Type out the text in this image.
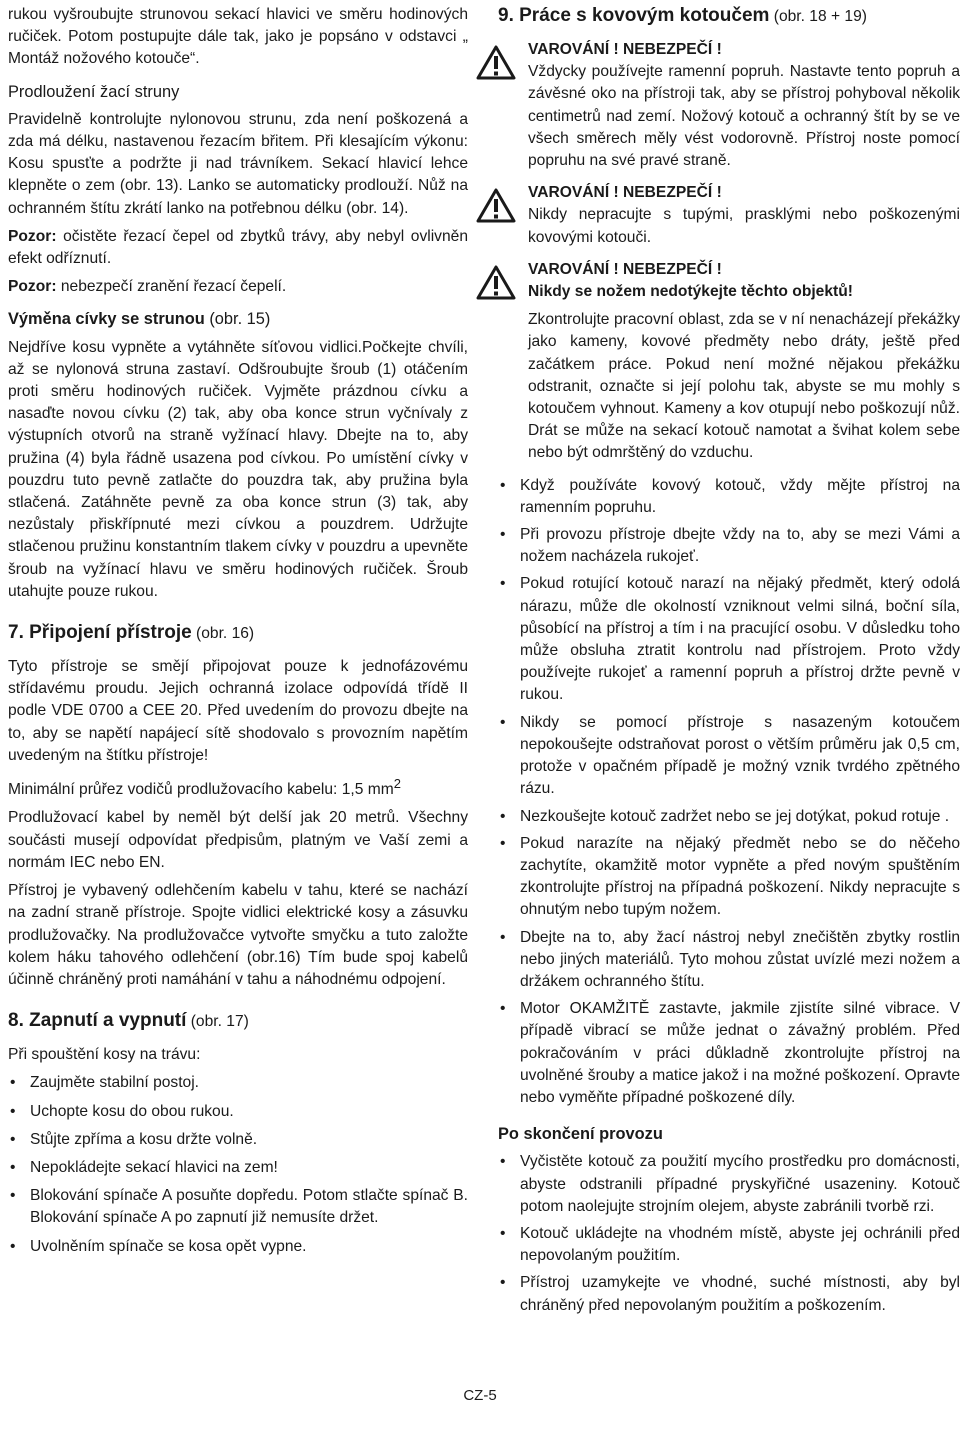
rukou vyšroubujte strunovou sekací hlavici ve směru hodinových ručiček. Potom postupujte dále tak, jako je popsáno v odstavci „ Montáž nožového kotouče“.

Prodloužení žací struny

Pravidelně kontrolujte nylonovou strunu, zda není poškozená a zda má délku, nastavenou řezacím břitem. Při klesajícím výkonu: Kosu spusťte a podržte ji nad trávníkem. Sekací hlavicí lehce klepněte o zem (obr. 13). Lanko se automaticky prodlouží. Nůž na ochranném štítu zkrátí lanko na potřebnou délku (obr. 14).

Pozor: očistěte řezací čepel od zbytků trávy, aby nebyl ovlivněn efekt odříznutí.

Pozor: nebezpečí zranění řezací čepelí.

Výměna cívky se strunou (obr. 15)

Nejdříve kosu vypněte a vytáhněte síťovou vidlici.Počkejte chvíli, až se nylonová struna zastaví. Odšroubujte šroub (1) otáčením proti směru hodinových ručiček. Vyjměte prázdnou cívku a nasaďte novou cívku (2) tak, aby oba konce strun vyčnívaly z výstupních otvorů na straně vyžínací hlavy. Dbejte na to, aby pružina (4) byla řádně usazena pod cívkou. Po umístění cívky v pouzdru tuto pevně zatlačte do pouzdra tak, aby pružina byla stlačená. Zatáhněte pevně za oba konce strun (3) tak, aby nezůstaly přiskřípnuté mezi cívkou a pouzdrem. Udržujte stlačenou pružinu konstantním tlakem cívky v pouzdru a upevněte šroub na vyžínací hlavu ve směru hodinových ručiček. Šroub utahujte pouze rukou.

7. Připojení přístroje (obr. 16)

Tyto přístroje se smějí připojovat pouze k jednofázovému střídavému proudu. Jejich ochranná izolace odpovídá třídě II podle VDE 0700 a CEE 20. Před uvedením do provozu dbejte na to, aby se napětí napájecí sítě shodovalo s provozním napětím uvedeným na štítku přístroje!

Minimální průřez vodičů prodlužovacího kabelu: 1,5 $mm^2$

Prodlužovací kabel by neměl být delší jak 20 metrů. Všechny součásti musejí odpovídat předpisům, platným ve Vaší zemi a normám IEC nebo EN.

Přístroj je vybavený odlehčením kabelu v tahu, které se nachází na zadní straně přístroje. Spojte vidlici elektrické kosy a zásuvku prodlužovačky. Na prodlužovačce vytvořte smyčku a tuto založte kolem háku tahového odlehčení (obr.16) Tím bude spoj kabelů účinně chráněný proti namáhání v tahu a náhodnému odpojení.

8. Zapnutí a vypnutí (obr. 17)

Při spouštění kosy na trávu:

• Zaujměte stabilní postoj.
• Uchopte kosu do obou rukou.
• Stůjte zpříma a kosu držte volně.
• Nepokládejte sekací hlavici na zem!
• Blokování spínače A posuňte dopředu. Potom stlačte spínač B. Blokování spínače A po zapnutí již nemusíte držet.
• Uvolněním spínače se kosa opět vypne.
9. Práce s kovovým kotoučem (obr. 18 + 19)
VAROVÁNÍ ! NEBEZPEČÍ !
Vždycky používejte ramenní popruh. Nastavte tento popruh a závěsné oko na přístroji tak, aby se přístroj pohyboval několik centimetrů nad zemí. Nožový kotouč a ochranný štít by se ve všech směrech měly vést vodorovně. Přístroj noste pomocí popruhu na své pravé straně.
VAROVÁNÍ ! NEBEZPEČÍ !
Nikdy nepracujte s tupými, prasklými nebo poškozenými kovovými kotouči.
VAROVÁNÍ ! NEBEZPEČÍ !
Nikdy se nožem nedotýkejte těchto objektů!
Zkontrolujte pracovní oblast, zda se v ní nenacházejí překážky jako kameny, kovové předměty nebo dráty, ještě před začátkem práce. Pokud není možné nějakou překážku odstranit, označte si její polohu tak, abyste se mu mohly s kotoučem vyhnout. Kameny a kov otupují nebo poškozují nůž. Drát se může na sekací kotouč namotat a švihat kolem sebe nebo být odmrštěný do vzduchu.
• Když používáte kovový kotouč, vždy mějte přístroj na ramenním popruhu.
• Při provozu přístroje dbejte vždy na to, aby se mezi Vámi a nožem nacházela rukojeť.
• Pokud rotující kotouč narazí na nějaký předmět, který odolá nárazu, může dle okolností vzniknout velmi silná, boční síla, působící na přístroj a tím i na pracující osobu. V důsledku toho může obsluha ztratit kontrolu nad přístrojem. Proto vždy používejte rukojeť a ramenní popruh a přístroj držte pevně v rukou.
• Nikdy se pomocí přístroje s nasazeným kotoučem nepokoušejte odstraňovat porost o větším průměru jak 0,5 cm, protože v opačném případě je možný vznik tvrdého zpětného rázu.
• Nezkoušejte kotouč zadržet nebo se jej dotýkat, pokud rotuje .
• Pokud narazíte na nějaký předmět nebo se do něčeho zachytíte, okamžitě motor vypněte a před novým spuštěním zkontrolujte přístroj na případná poškození. Nikdy nepracujte s ohnutým nebo tupým nožem.
• Dbejte na to, aby žací nástroj nebyl znečištěn zbytky rostlin nebo jiných materiálů. Tyto mohou zůstat uvízlé mezi nožem a držákem ochranného štítu.
• Motor OKAMŽITĚ zastavte, jakmile zjistíte silné vibrace. V případě vibrací se může jednat o závažný problém. Před pokračováním v práci důkladně zkontrolujte přístroj na uvolněné šrouby a matice jakož i na možné poškození. Opravte nebo vyměňte případné poškozené díly.
Po skončení provozu
• Vyčistěte kotouč za použití mycího prostředku pro domácnosti, abyste odstranili případné pryskyřičné usazeniny. Kotouč potom naolejujte strojním olejem, abyste zabránili tvorbě rzi.
• Kotouč ukládejte na vhodném místě, abyste jej ochránili před nepovolaným použitím.
• Přístroj uzamykejte ve vhodné, suché místnosti, aby byl chráněný před nepovolaným použitím a poškozením.
CZ-5
